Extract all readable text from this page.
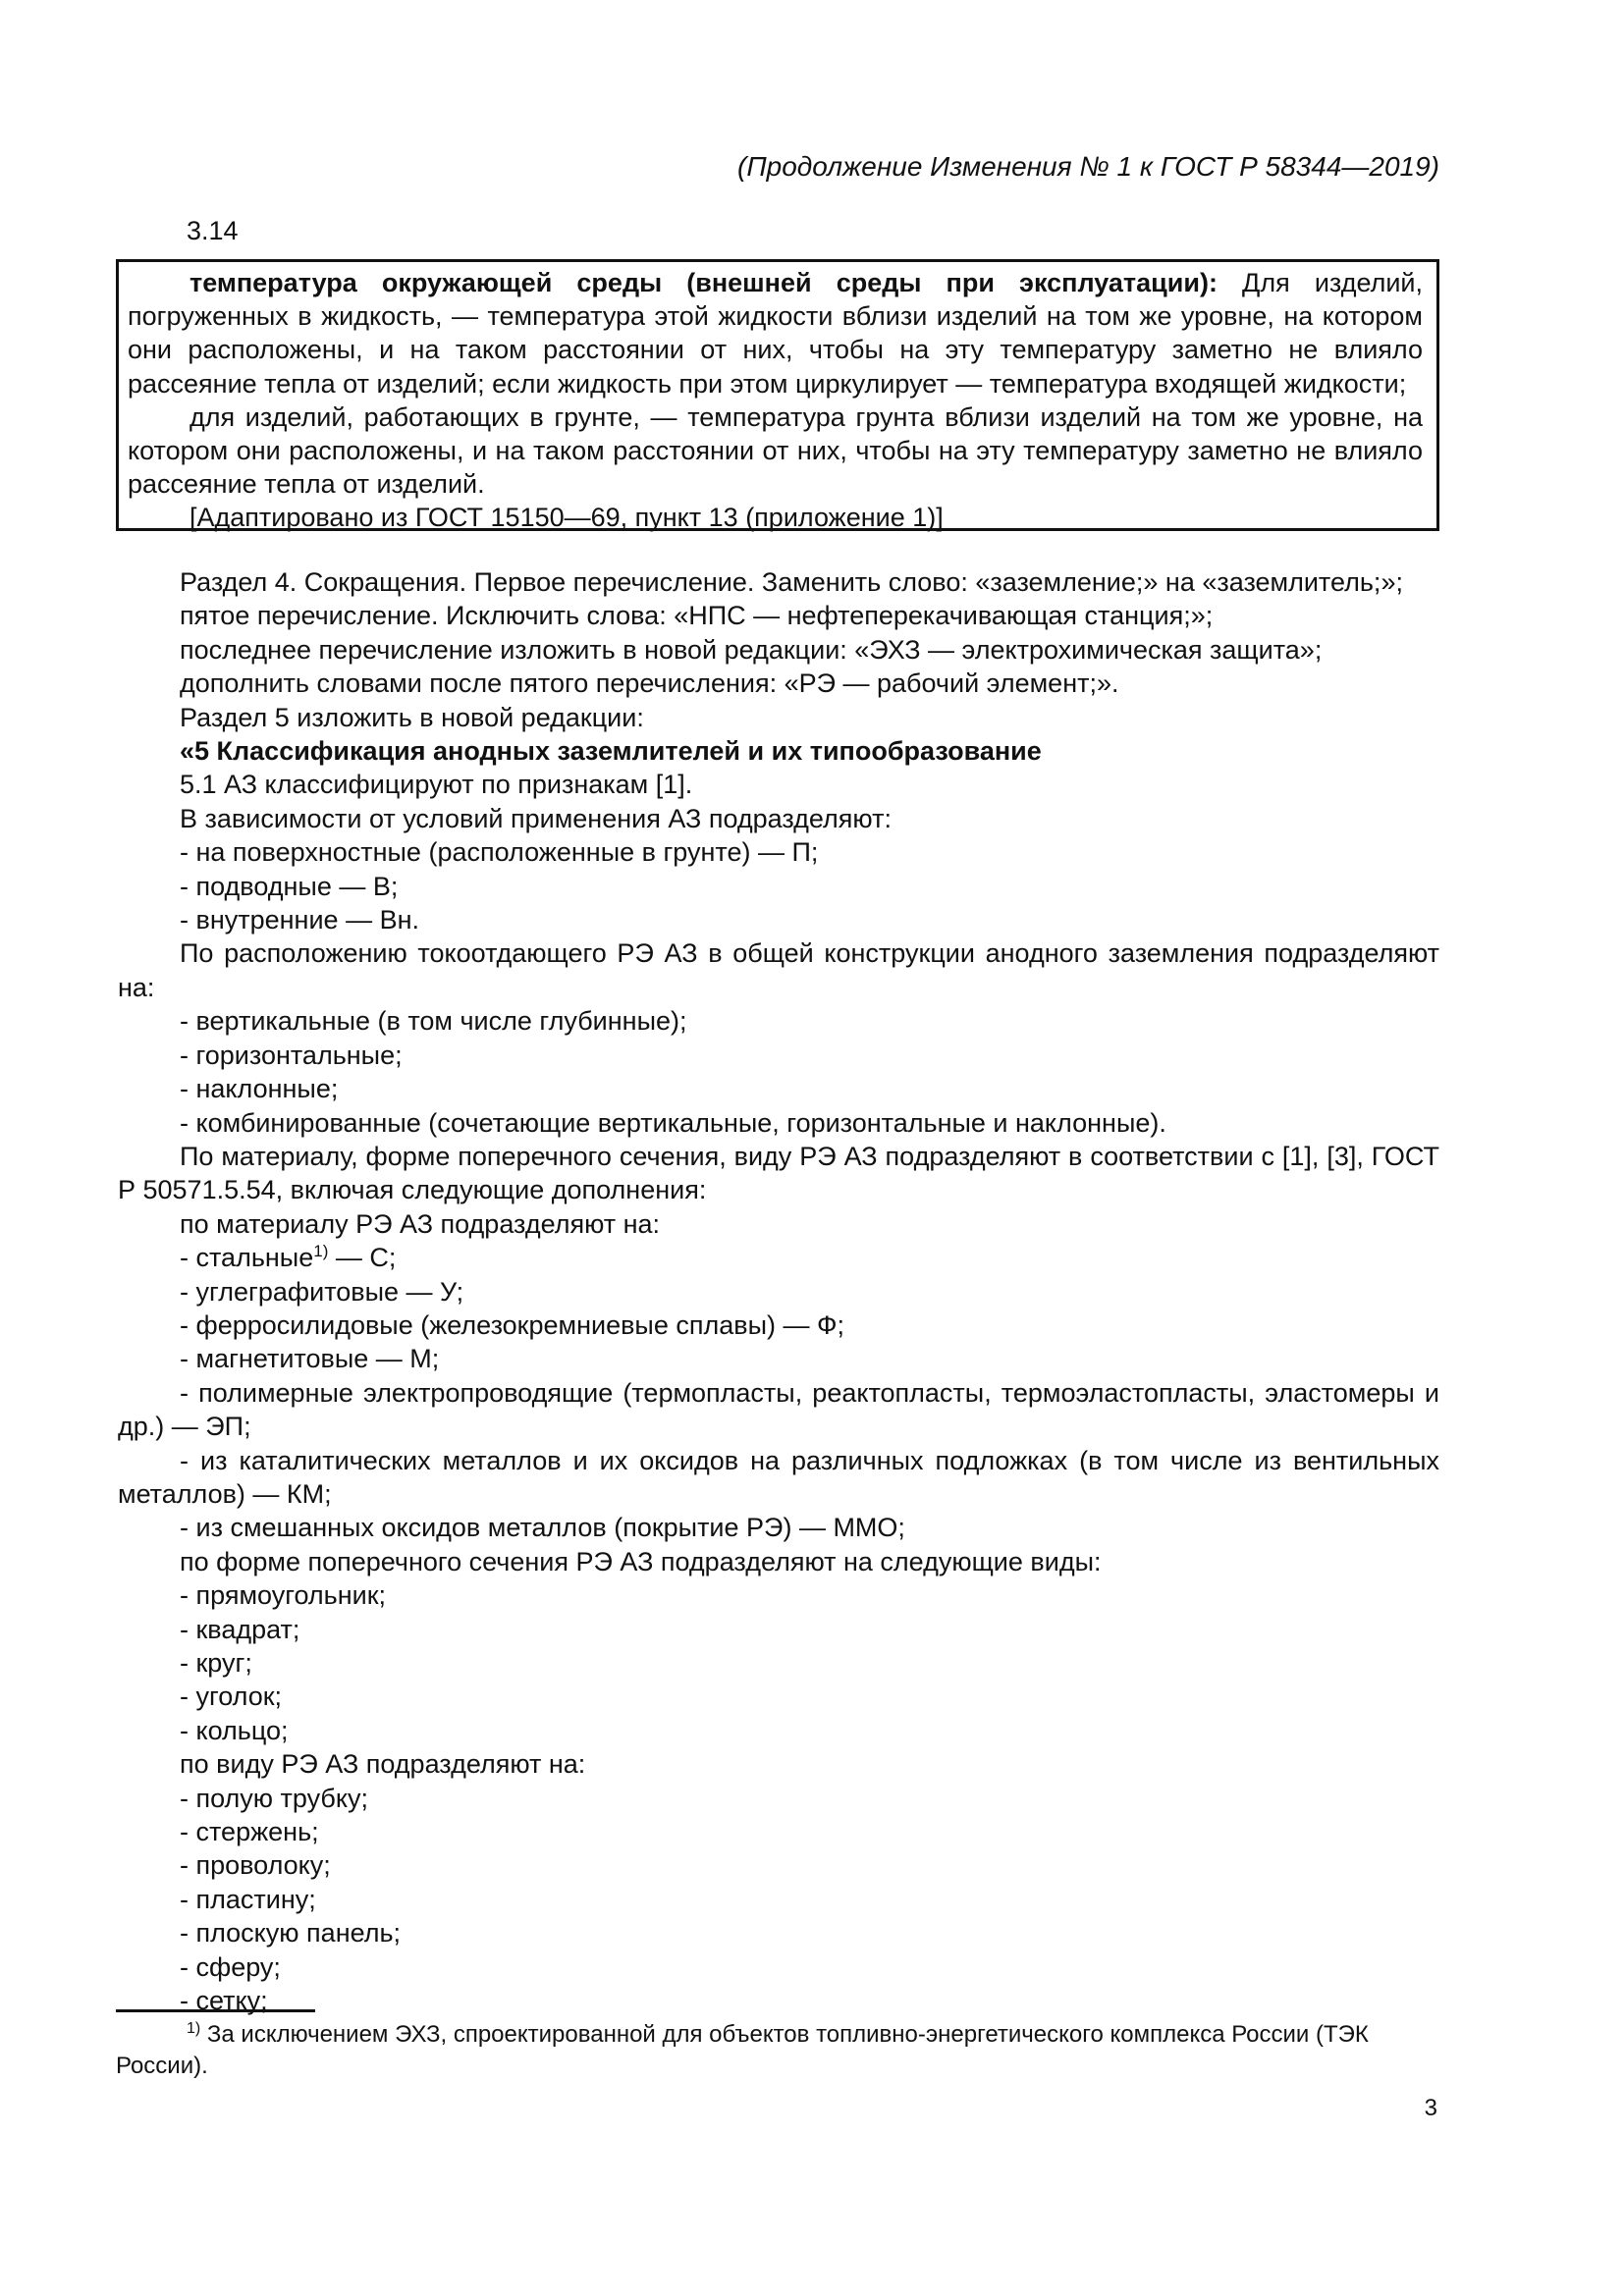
(Продолжение Изменения № 1 к ГОСТ Р 58344—2019)
3.14

температура окружающей среды (внешней среды при эксплуатации): Для изделий, погруженных в жидкость, — температура этой жидкости вблизи изделий на том же уровне, на котором они расположены, и на таком расстоянии от них, чтобы на эту температуру заметно не влияло рассеяние тепла от изделий; если жидкость при этом циркулирует — температура входящей жидкости;

для изделий, работающих в грунте, — температура грунта вблизи изделий на том же уровне, на котором они расположены, и на таком расстоянии от них, чтобы на эту температуру заметно не влияло рассеяние тепла от изделий.

[Адаптировано из ГОСТ 15150—69, пункт 13 (приложение 1)]

Раздел 4. Сокращения. Первое перечисление. Заменить слово: «заземление;» на «заземлитель;»;

пятое перечисление. Исключить слова: «НПС — нефтеперекачивающая станция;»;

последнее перечисление изложить в новой редакции: «ЭХЗ — электрохимическая защита»;

дополнить словами после пятого перечисления: «РЭ — рабочий элемент;».

Раздел 5 изложить в новой редакции:

«5 Классификация анодных заземлителей и их типообразование

5.1 АЗ классифицируют по признакам [1].

В зависимости от условий применения АЗ подразделяют:

- на поверхностные (расположенные в грунте) — П;

- подводные — В;

- внутренние — Вн.

По расположению токоотдающего РЭ АЗ в общей конструкции анодного заземления подразделяют на:

- вертикальные (в том числе глубинные);

- горизонтальные;

- наклонные;

- комбинированные (сочетающие вертикальные, горизонтальные и наклонные).

По материалу, форме поперечного сечения, виду РЭ АЗ подразделяют в соответствии с [1], [3], ГОСТ Р 50571.5.54, включая следующие дополнения:

по материалу РЭ АЗ подразделяют на:

- стальные$^{1)}$ — С;

- углеграфитовые — У;

- ферросилидовые (железокремниевые сплавы) — Ф;

- магнетитовые — М;

- полимерные электропроводящие (термопласты, реактопласты, термоэластопласты, эластомеры и др.) — ЭП;

- из каталитических металлов и их оксидов на различных подложках (в том числе из вентильных металлов) — КМ;

- из смешанных оксидов металлов (покрытие РЭ) — ММО;

по форме поперечного сечения РЭ АЗ подразделяют на следующие виды:

- прямоугольник;

- квадрат;

- круг;

- уголок;

- кольцо;

по виду РЭ АЗ подразделяют на:

- полую трубку;

- стержень;

- проволоку;

- пластину;

- плоскую панель;

- сферу;

- сетку;

$^{1)}$ За исключением ЭХЗ, спроектированной для объектов топливно-энергетического комплекса России (ТЭК России).

3
